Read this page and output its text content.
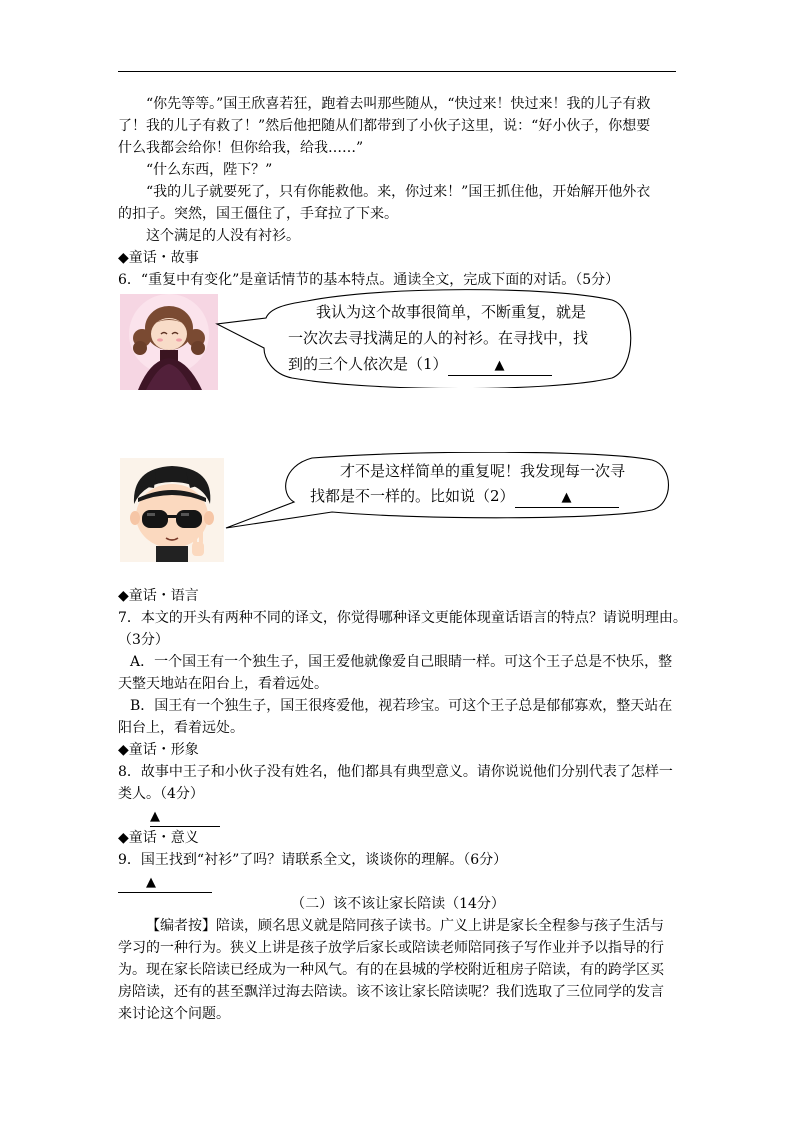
“你先等等。”国王欣喜若狂，跑着去叫那些随从，“快过来！快过来！我的儿子有救
了！我的儿子有救了！”然后他把随从们都带到了小伙子这里，说：“好小伙子，你想要
什么我都会给你！但你给我，给我……”
“什么东西，陛下？”
“我的儿子就要死了，只有你能救他。来，你过来！”国王抓住他，开始解开他外衣
的扣子。突然，国王僵住了，手耷拉了下来。
这个满足的人没有衬衫。
◆童话・故事
6．“重复中有变化”是童话情节的基本特点。通读全文，完成下面的对话。（5分）
我认为这个故事很简单，不断重复，就是
一次次去寻找满足的人的衬衫。在寻找中，找
到的三个人依次是（1）	▲
才不是这样简单的重复呢！我发现每一次寻
找都是不一样的。比如说（2）	▲
◆童话・语言
7．本文的开头有两种不同的译文，你觉得哪种译文更能体现童话语言的特点？请说明理由。
（3分）
A．一个国王有一个独生子，国王爱他就像爱自己眼睛一样。可这个王子总是不快乐，整
天整天地站在阳台上，看着远处。
B．国王有一个独生子，国王很疼爱他，视若珍宝。可这个王子总是郁郁寡欢，整天站在
阳台上，看着远处。
◆童话・形象
8．故事中王子和小伙子没有姓名，他们都具有典型意义。请你说说他们分别代表了怎样一
类人。（4分）
▲
◆童话・意义
9．国王找到“衬衫”了吗？请联系全文，谈谈你的理解。（6分）
▲
（二）该不该让家长陪读（14分）
【编者按】陪读，顾名思义就是陪同孩子读书。广义上讲是家长全程参与孩子生活与
学习的一种行为。狭义上讲是孩子放学后家长或陪读老师陪同孩子写作业并予以指导的行
为。现在家长陪读已经成为一种风气。有的在县城的学校附近租房子陪读，有的跨学区买
房陪读，还有的甚至飘洋过海去陪读。该不该让家长陪读呢？我们选取了三位同学的发言
来讨论这个问题。
